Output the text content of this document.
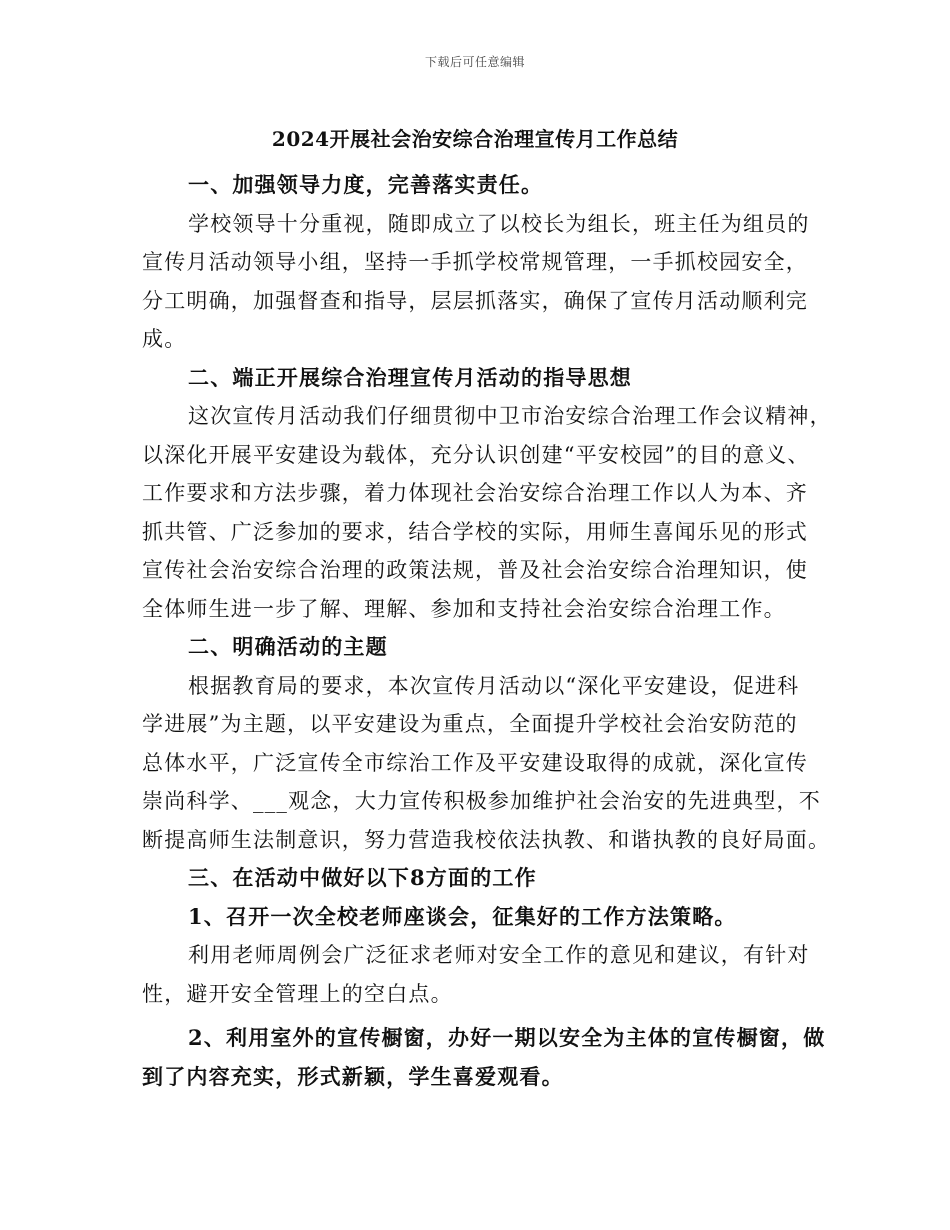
下载后可任意编辑
2024开展社会治安综合治理宣传月工作总结

一、加强领导力度，完善落实责任。

学校领导十分重视，随即成立了以校长为组长，班主任为组员的

宣传月活动领导小组，坚持一手抓学校常规管理，一手抓校园安全，

分工明确，加强督查和指导，层层抓落实，确保了宣传月活动顺利完

成。

二、端正开展综合治理宣传月活动的指导思想

这次宣传月活动我们仔细贯彻中卫市治安综合治理工作会议精神，

以深化开展平安建设为载体，充分认识创建“平安校园”的目的意义、

工作要求和方法步骤，着力体现社会治安综合治理工作以人为本、齐

抓共管、广泛参加的要求，结合学校的实际，用师生喜闻乐见的形式

宣传社会治安综合治理的政策法规，普及社会治安综合治理知识，使

全体师生进一步了解、理解、参加和支持社会治安综合治理工作。

二、明确活动的主题

根据教育局的要求，本次宣传月活动以“深化平安建设，促进科

学进展”为主题，以平安建设为重点，全面提升学校社会治安防范的

总体水平，广泛宣传全市综治工作及平安建设取得的成就，深化宣传

崇尚科学、___观念，大力宣传积极参加维护社会治安的先进典型，不

断提高师生法制意识，努力营造我校依法执教、和谐执教的良好局面。

三、在活动中做好以下8方面的工作

1、召开一次全校老师座谈会，征集好的工作方法策略。

利用老师周例会广泛征求老师对安全工作的意见和建议，有针对

性，避开安全管理上的空白点。

2、利用室外的宣传橱窗，办好一期以安全为主体的宣传橱窗，做

到了内容充实，形式新颖，学生喜爱观看。
